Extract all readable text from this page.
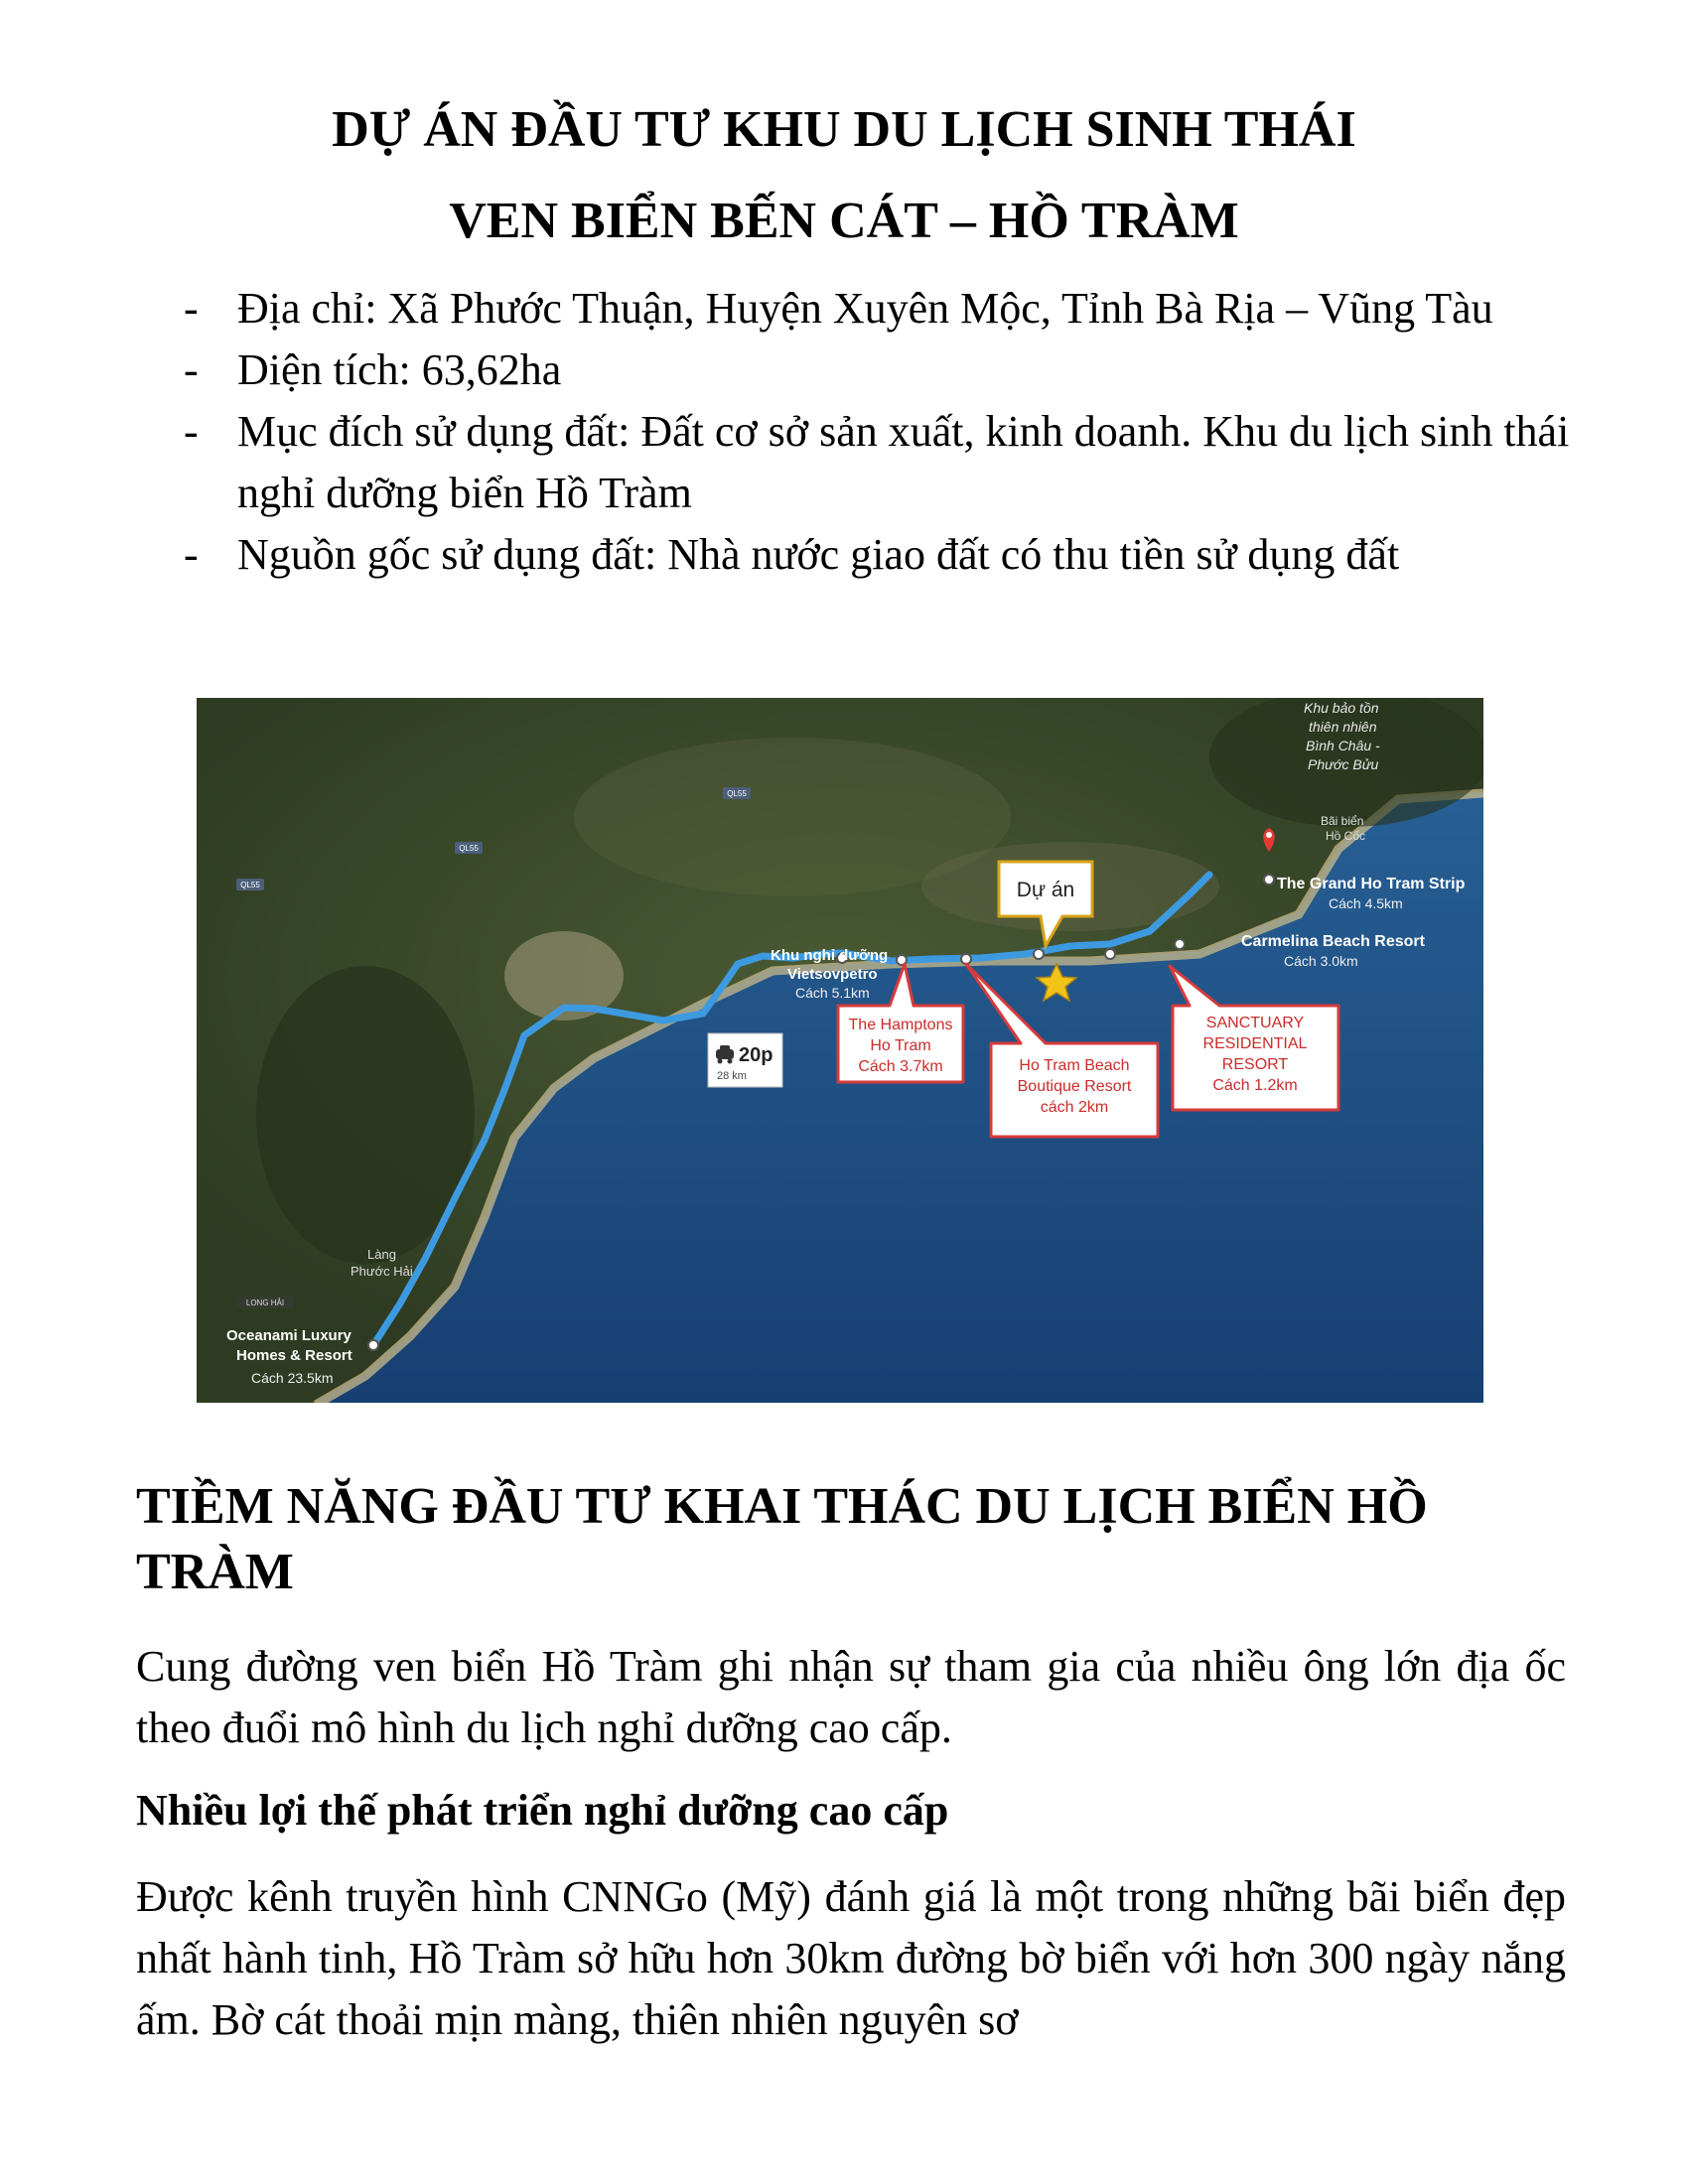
DỰ ÁN ĐẦU TƯ KHU DU LỊCH SINH THÁI
VEN BIỂN BẾN CÁT – HỒ TRÀM
- Địa chỉ: Xã Phước Thuận, Huyện Xuyên Mộc, Tỉnh Bà Rịa – Vũng Tàu
- Diện tích: 63,62ha
- Mục đích sử dụng đất: Đất cơ sở sản xuất, kinh doanh. Khu du lịch sinh thái nghỉ dưỡng biển Hồ Tràm
- Nguồn gốc sử dụng đất: Nhà nước giao đất có thu tiền sử dụng đất
QL55
QL55
QL55
Khu bảo tồn
thiên nhiên
Bình Châu -
Phước Bửu
Bãi biển
Hồ Cốc
The Grand Ho Tram Strip
Cách 4.5km
Carmelina Beach Resort
Cách 3.0km
Khu nghỉ dưỡng
Vietsovpetro
Cách 5.1km
Oceanami Luxury
Homes & Resort
Cách 23.5km
Làng
Phước Hải
LONG HẢI
20p
28 km
Dự án
The Hamptons
Ho Tram
Cách 3.7km	Ho Tram Beach
Boutique Resort
cách 2km
SANCTUARY
RESIDENTIAL
RESORT
Cách 1.2km
TIỀM NĂNG ĐẦU TƯ KHAI THÁC DU LỊCH BIỂN HỒ TRÀM
Cung đường ven biển Hồ Tràm ghi nhận sự tham gia của nhiều ông lớn địa ốc theo đuổi mô hình du lịch nghỉ dưỡng cao cấp.
Nhiều lợi thế phát triển nghỉ dưỡng cao cấp
Được kênh truyền hình CNNGo (Mỹ) đánh giá là một trong những bãi biển đẹp nhất hành tinh, Hồ Tràm sở hữu hơn 30km đường bờ biển với hơn 300 ngày nắng ấm. Bờ cát thoải mịn màng, thiên nhiên nguyên sơ
